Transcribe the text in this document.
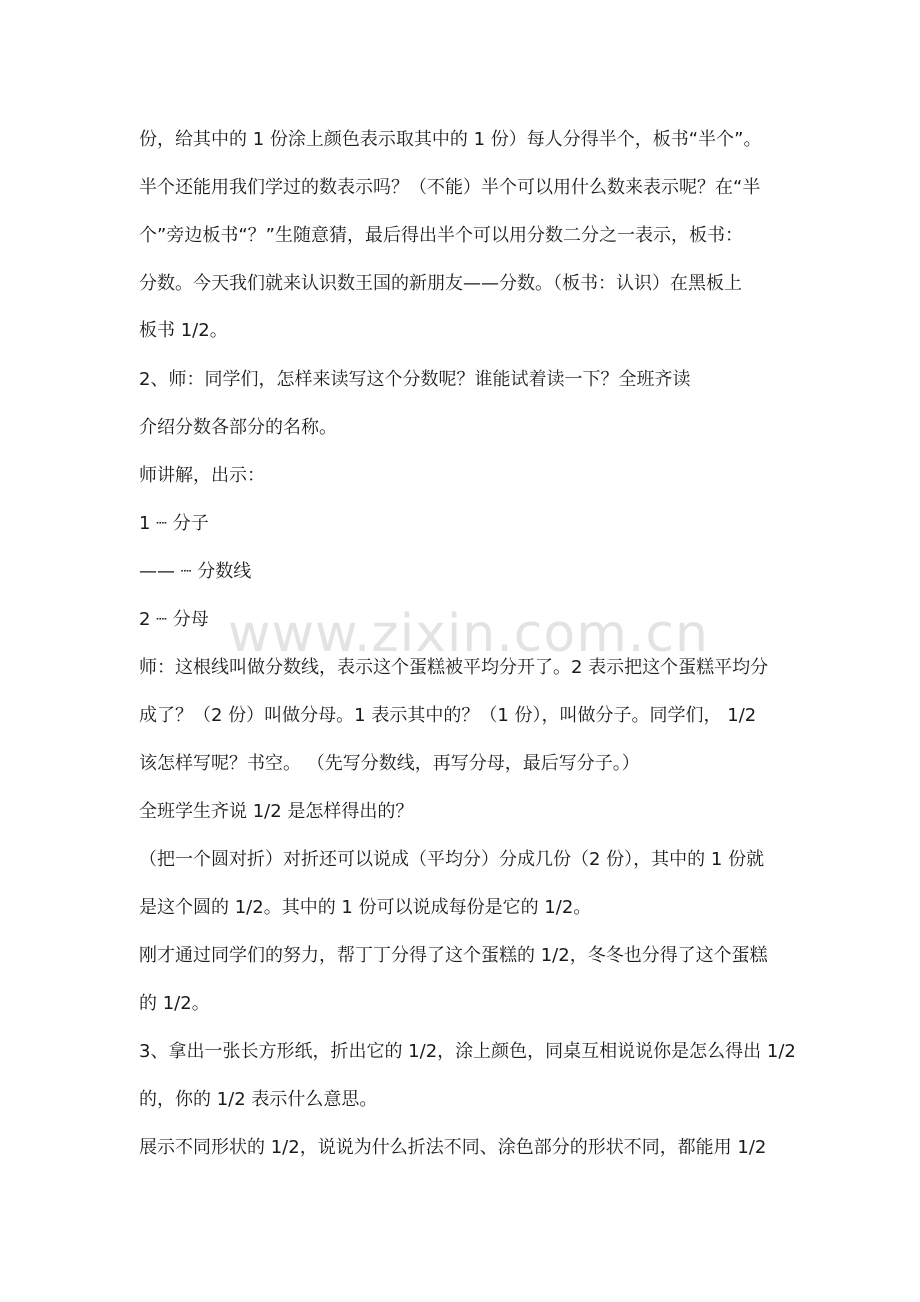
份，给其中的 1 份涂上颜色表示取其中的 1 份）每人分得半个，板书“半个”。

半个还能用我们学过的数表示吗？（不能）半个可以用什么数来表示呢？在“半

个”旁边板书“？”生随意猜，最后得出半个可以用分数二分之一表示，板书：

分数。今天我们就来认识数王国的新朋友——分数。（板书：认识）在黑板上

板书 1/2。

2、师：同学们，怎样来读写这个分数呢？谁能试着读一下？全班齐读

介绍分数各部分的名称。

师讲解，出示：

1 ┈ 分子

—— ┈ 分数线

2 ┈ 分母

师：这根线叫做分数线，表示这个蛋糕被平均分开了。2 表示把这个蛋糕平均分

成了？（2 份）叫做分母。1 表示其中的？（1 份），叫做分子。同学们， 1/2

该怎样写呢？书空。 （先写分数线，再写分母，最后写分子。）

全班学生齐说 1/2 是怎样得出的？

（把一个圆对折）对折还可以说成（平均分）分成几份（2 份），其中的 1 份就

是这个圆的 1/2。其中的 1 份可以说成每份是它的 1/2。

刚才通过同学们的努力，帮丁丁分得了这个蛋糕的 1/2，冬冬也分得了这个蛋糕

的 1/2。

3、拿出一张长方形纸，折出它的 1/2，涂上颜色，同桌互相说说你是怎么得出 1/2

的，你的 1/2 表示什么意思。

展示不同形状的 1/2，说说为什么折法不同、涂色部分的形状不同，都能用 1/2

www.zixin.com.cn
